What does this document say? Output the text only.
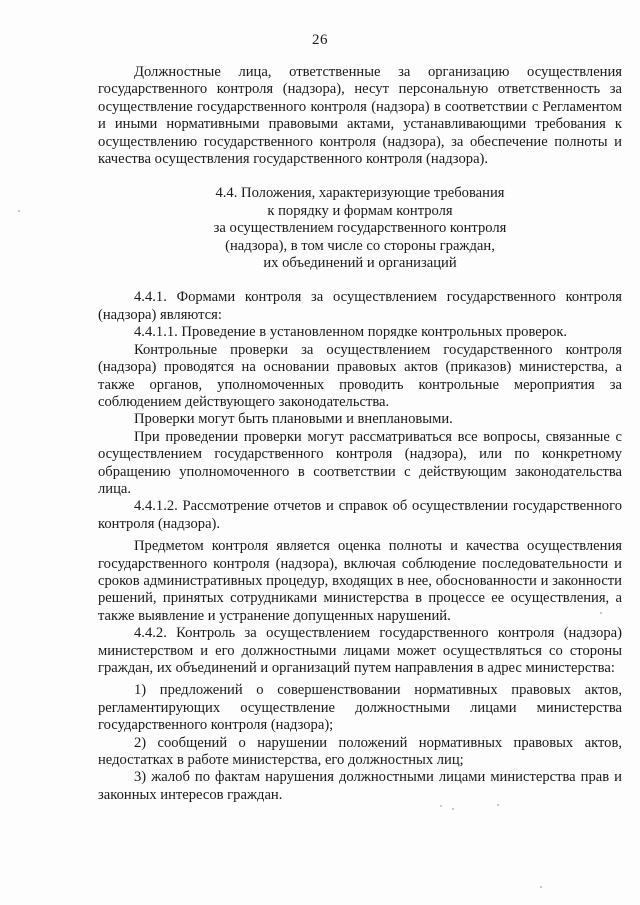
26

Должностные лица, ответственные за организацию осуществления государственного контроля (надзора), несут персональную ответственность за осуществление государственного контроля (надзора) в соответствии с Регламентом и иными нормативными правовыми актами, устанавливающими требования к осуществлению государственного контроля (надзора), за обеспечение полноты и качества осуществления государственного контроля (надзора).

4.4. Положения, характеризующие требования
к порядку и формам контроля
за осуществлением государственного контроля
(надзора), в том числе со стороны граждан,
их объединений и организаций

4.4.1. Формами контроля за осуществлением государственного контроля (надзора) являются:

4.4.1.1. Проведение в установленном порядке контрольных проверок.

Контрольные проверки за осуществлением государственного контроля (надзора) проводятся на основании правовых актов (приказов) министерства, а также органов, уполномоченных проводить контрольные мероприятия за соблюдением действующего законодательства.

Проверки могут быть плановыми и внеплановыми.

При проведении проверки могут рассматриваться все вопросы, связанные с осуществлением государственного контроля (надзора), или по конкретному обращению уполномоченного в соответствии с действующим законодательства лица.

4.4.1.2. Рассмотрение отчетов и справок об осуществлении государственного контроля (надзора).

Предметом контроля является оценка полноты и качества осуществления государственного контроля (надзора), включая соблюдение последовательности и сроков административных процедур, входящих в нее, обоснованности и законности решений, принятых сотрудниками министерства в процессе ее осуществления, а также выявление и устранение допущенных нарушений.

4.4.2. Контроль за осуществлением государственного контроля (надзора) министерством и его должностными лицами может осуществляться со стороны граждан, их объединений и организаций путем направления в адрес министерства:

1) предложений о совершенствовании нормативных правовых актов, регламентирующих осуществление должностными лицами министерства государственного контроля (надзора);

2) сообщений о нарушении положений нормативных правовых актов, недостатках в работе министерства, его должностных лиц;

3) жалоб по фактам нарушения должностными лицами министерства прав и законных интересов граждан.
